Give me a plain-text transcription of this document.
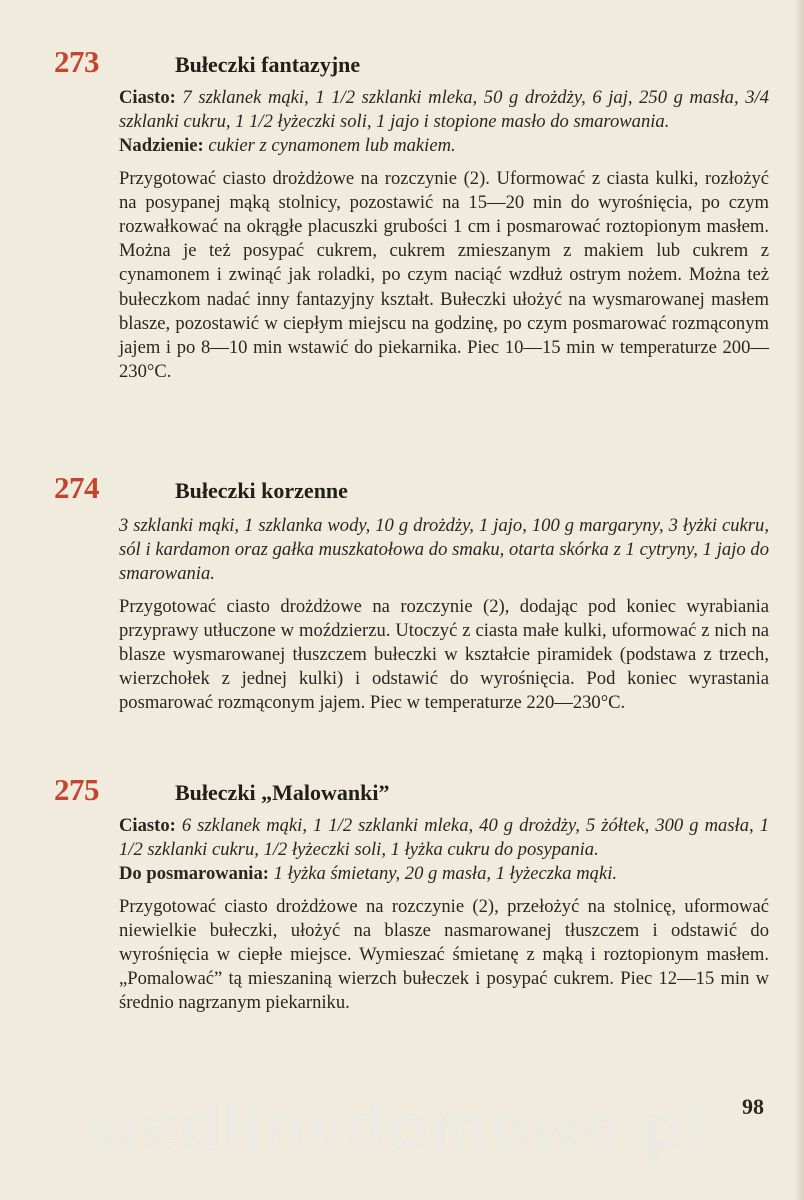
273	Bułeczki fantazyjne

Ciasto: 7 szklanek mąki, 1 1/2 szklanki mleka, 50 g drożdży, 6 jaj, 250 g masła, 3/4 szklanki cukru, 1 1/2 łyżeczki soli, 1 jajo i stopione masło do smarowania.

Nadzienie: cukier z cynamonem lub makiem.

Przygotować ciasto drożdżowe na rozczynie (2). Uformować z ciasta kulki, rozłożyć na posypanej mąką stolnicy, pozostawić na 15—20 min do wyrośnięcia, po czym rozwałkować na okrągłe placuszki grubości 1 cm i posmarować roztopionym masłem. Można je też posypać cukrem, cukrem zmieszanym z makiem lub cukrem z cynamonem i zwinąć jak roladki, po czym naciąć wzdłuż ostrym nożem. Można też bułeczkom nadać inny fantazyjny kształt. Bułeczki ułożyć na wysmarowanej masłem blasze, pozostawić w ciepłym miejscu na godzinę, po czym posmarować rozmąconym jajem i po 8—10 min wstawić do piekarnika. Piec 10—15 min w temperaturze 200—230°C.

274	Bułeczki korzenne

3 szklanki mąki, 1 szklanka wody, 10 g drożdży, 1 jajo, 100 g margaryny, 3 łyżki cukru, sól i kardamon oraz gałka muszkatołowa do smaku, otarta skórka z 1 cytryny, 1 jajo do smarowania.

Przygotować ciasto drożdżowe na rozczynie (2), dodając pod koniec wyrabiania przyprawy utłuczone w moździerzu. Utoczyć z ciasta małe kulki, uformować z nich na blasze wysmarowanej tłuszczem bułeczki w kształcie piramidek (podstawa z trzech, wierzchołek z jednej kulki) i odstawić do wyrośnięcia. Pod koniec wyrastania posmarować rozmąconym jajem. Piec w temperaturze 220—230°C.

275	Bułeczki „Malowanki”

Ciasto: 6 szklanek mąki, 1 1/2 szklanki mleka, 40 g drożdży, 5 żółtek, 300 g masła, 1 1/2 szklanki cukru, 1/2 łyżeczki soli, 1 łyżka cukru do posypania.

Do posmarowania: 1 łyżka śmietany, 20 g masła, 1 łyżeczka mąki.

Przygotować ciasto drożdżowe na rozczynie (2), przełożyć na stolnicę, uformować niewielkie bułeczki, ułożyć na blasze nasmarowanej tłuszczem i odstawić do wyrośnięcia w ciepłe miejsce. Wymieszać śmietanę z mąką i roztopionym masłem. „Pomalować” tą mieszaniną wierzch bułeczek i posypać cukrem. Piec 12—15 min w średnio nagrzanym piekarniku.

wedlinydomowe.pl	98
